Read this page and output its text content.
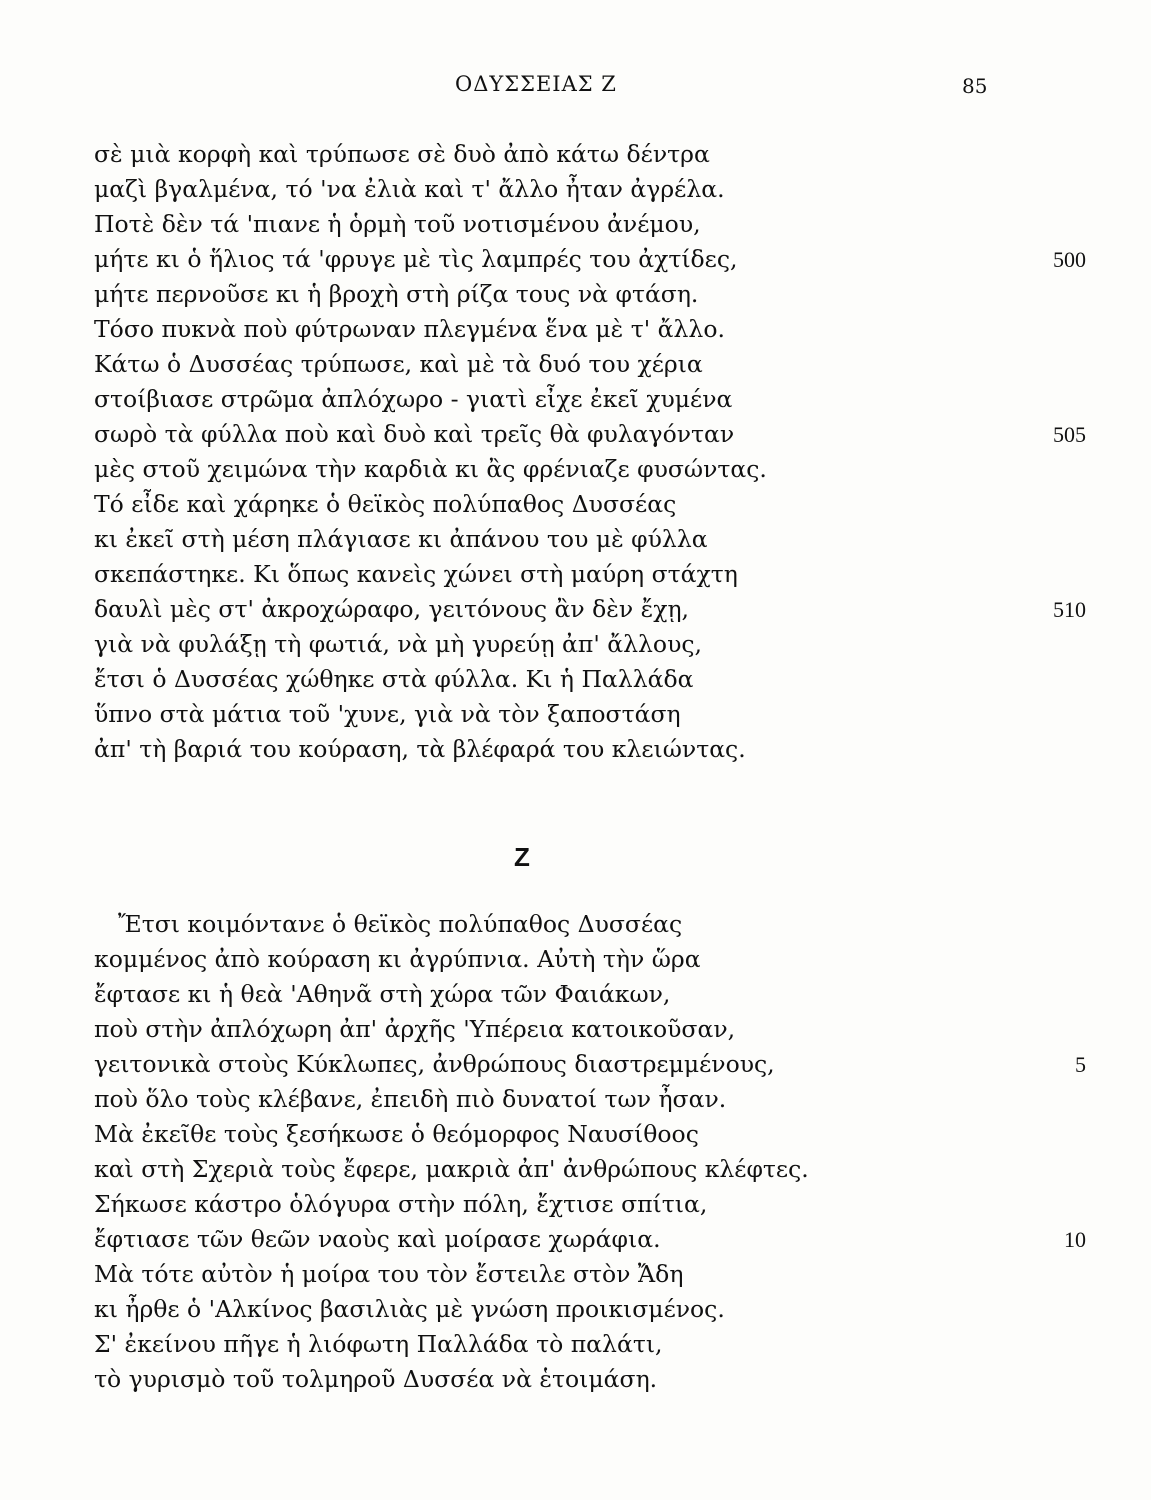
ΟΔΥΣΣΕΙΑΣ Ζ	85
σὲ μιὰ κορφὴ καὶ τρύπωσε σὲ δυὸ ἀπὸ κάτω δέντρα
μαζὶ βγαλμένα, τό 'να ἐλιὰ καὶ τ' ἄλλο ἦταν ἀγρέλα.
Ποτὲ δὲν τά 'πιανε ἡ ὁρμὴ τοῦ νοτισμένου ἀνέμου,
μήτε κι ὁ ἥλιος τά 'φρυγε μὲ τὶς λαμπρές του ἀχτίδες,	500
μήτε περνοῦσε κι ἡ βροχὴ στὴ ρίζα τους νὰ φτάση.
Τόσο πυκνὰ ποὺ φύτρωναν πλεγμένα ἕνα μὲ τ' ἄλλο.
Κάτω ὁ Δυσσέας τρύπωσε, καὶ μὲ τὰ δυό του χέρια
στοίβιασε στρῶμα ἀπλόχωρο - γιατὶ εἶχε ἐκεῖ χυμένα
σωρὸ τὰ φύλλα ποὺ καὶ δυὸ καὶ τρεῖς θὰ φυλαγόνταν	505
μὲς στοῦ χειμώνα τὴν καρδιὰ κι ἂς φρένιαζε φυσώντας.
Τό εἶδε καὶ χάρηκε ὁ θεϊκὸς πολύπαθος Δυσσέας
κι ἐκεῖ στὴ μέση πλάγιασε κι ἀπάνου του μὲ φύλλα
σκεπάστηκε. Κι ὅπως κανεὶς χώνει στὴ μαύρη στάχτη
δαυλὶ μὲς στ' ἀκροχώραφο, γειτόνους ἂν δὲν ἔχῃ,	510
γιὰ νὰ φυλάξῃ τὴ φωτιά, νὰ μὴ γυρεύῃ ἀπ' ἄλλους,
ἔτσι ὁ Δυσσέας χώθηκε στὰ φύλλα. Κι ἡ Παλλάδα
ὕπνο στὰ μάτια τοῦ 'χυνε, γιὰ νὰ τὸν ξαποστάση
ἀπ' τὴ βαριά του κούραση, τὰ βλέφαρά του κλειώντας.
Ζ
Ἔτσι κοιμόντανε ὁ θεϊκὸς πολύπαθος Δυσσέας
κομμένος ἀπὸ κούραση κι ἀγρύπνια. Αὐτὴ τὴν ὥρα
ἔφτασε κι ἡ θεὰ 'Αθηνᾶ στὴ χώρα τῶν Φαιάκων,
ποὺ στὴν ἀπλόχωρη ἀπ' ἀρχῆς 'Υπέρεια κατοικοῦσαν,
γειτονικὰ στοὺς Κύκλωπες, ἀνθρώπους διαστρεμμένους,	5
ποὺ ὅλο τοὺς κλέβανε, ἐπειδὴ πιὸ δυνατοί των ἦσαν.
Μὰ ἐκεῖθε τοὺς ξεσήκωσε ὁ θεόμορφος Ναυσίθοος
καὶ στὴ Σχεριὰ τοὺς ἔφερε, μακριὰ ἀπ' ἀνθρώπους κλέφτες.
Σήκωσε κάστρο ὁλόγυρα στὴν πόλη, ἔχτισε σπίτια,
ἔφτιασε τῶν θεῶν ναοὺς καὶ μοίρασε χωράφια.	10
Μὰ τότε αὐτὸν ἡ μοίρα του τὸν ἔστειλε στὸν Ἄδη
κι ἦρθε ὁ 'Αλκίνος βασιλιὰς μὲ γνώση προικισμένος.
Σ' ἐκείνου πῆγε ἡ λιόφωτη Παλλάδα τὸ παλάτι,
τὸ γυρισμὸ τοῦ τολμηροῦ Δυσσέα νὰ ἑτοιμάση.
